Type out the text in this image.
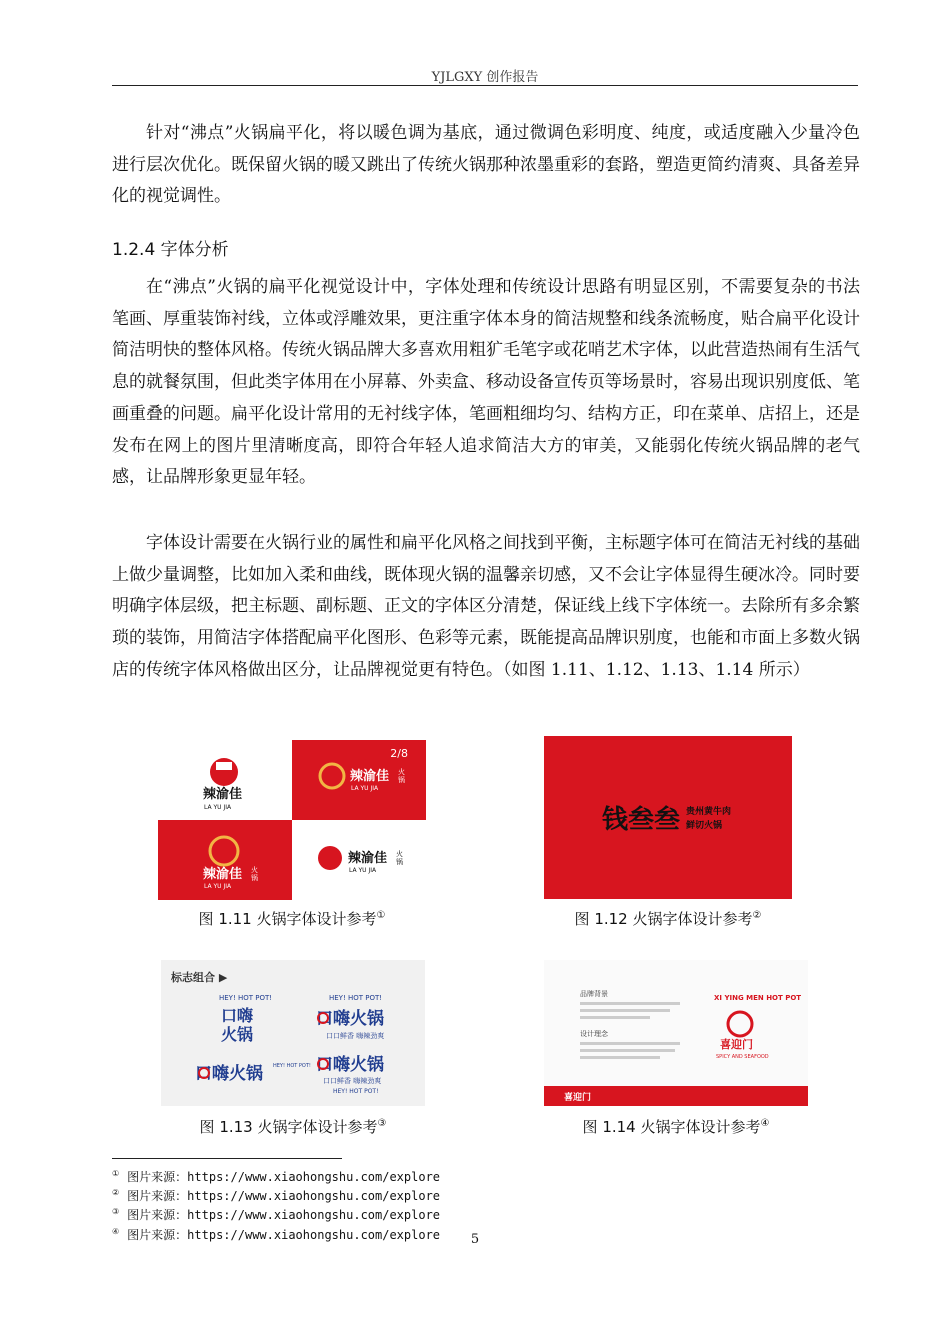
YJLGXY 创作报告

针对“沸点”火锅扁平化，将以暖色调为基底，通过微调色彩明度、纯度，或适度融入少量冷色进行层次优化。既保留火锅的暖又跳出了传统火锅那种浓墨重彩的套路，塑造更简约清爽、具备差异化的视觉调性。

1.2.4 字体分析

在“沸点”火锅的扁平化视觉设计中，字体处理和传统设计思路有明显区别，不需要复杂的书法笔画、厚重装饰衬线，立体或浮雕效果，更注重字体本身的简洁规整和线条流畅度，贴合扁平化设计简洁明快的整体风格。传统火锅品牌大多喜欢用粗犷毛笔字或花哨艺术字体，以此营造热闹有生活气息的就餐氛围，但此类字体用在小屏幕、外卖盒、移动设备宣传页等场景时，容易出现识别度低、笔画重叠的问题。扁平化设计常用的无衬线字体，笔画粗细均匀、结构方正，印在菜单、店招上，还是发布在网上的图片里清晰度高，即符合年轻人追求简洁大方的审美，又能弱化传统火锅品牌的老气感，让品牌形象更显年轻。

字体设计需要在火锅行业的属性和扁平化风格之间找到平衡，主标题字体可在简洁无衬线的基础上做少量调整，比如加入柔和曲线，既体现火锅的温馨亲切感，又不会让字体显得生硬冰冷。同时要明确字体层级，把主标题、副标题、正文的字体区分清楚，保证线上线下字体统一。去除所有多余繁琐的装饰，用简洁字体搭配扁平化图形、色彩等元素，既能提高品牌识别度，也能和市面上多数火锅店的传统字体风格做出区分，让品牌视觉更有特色。（如图 1.11、1.12、1.13、1.14 所示）

2/8
辣渝佳
LA YU JIA
辣渝佳 火
锅
LA YU JIA
辣渝佳 火
锅
LA YU JIA
辣渝佳 火
锅
LA YU JIA
图 1.11 火锅字体设计参考①
钱叁叁 贵州黄牛肉
鲜切火锅
图 1.12 火锅字体设计参考②
标志组合 ▶
HEY! HOT POT!
口嗨
火锅
HEY! HOT POT!
口嗨火锅
口口鲜香 嗨辣劲爽
口嗨火锅 HEY! HOT POT! 口嗨火锅
口口鲜香 嗨辣劲爽
HEY! HOT POT!
图 1.13 火锅字体设计参考③
品牌背景
设计理念
XI YING MEN HOT POT
喜迎门
SPICY AND SEAFOOD
喜迎门
图 1.14 火锅字体设计参考④
① 图片来源：https://www.xiaohongshu.com/explore
② 图片来源：https://www.xiaohongshu.com/explore
③ 图片来源：https://www.xiaohongshu.com/explore
④ 图片来源：https://www.xiaohongshu.com/explore	5
